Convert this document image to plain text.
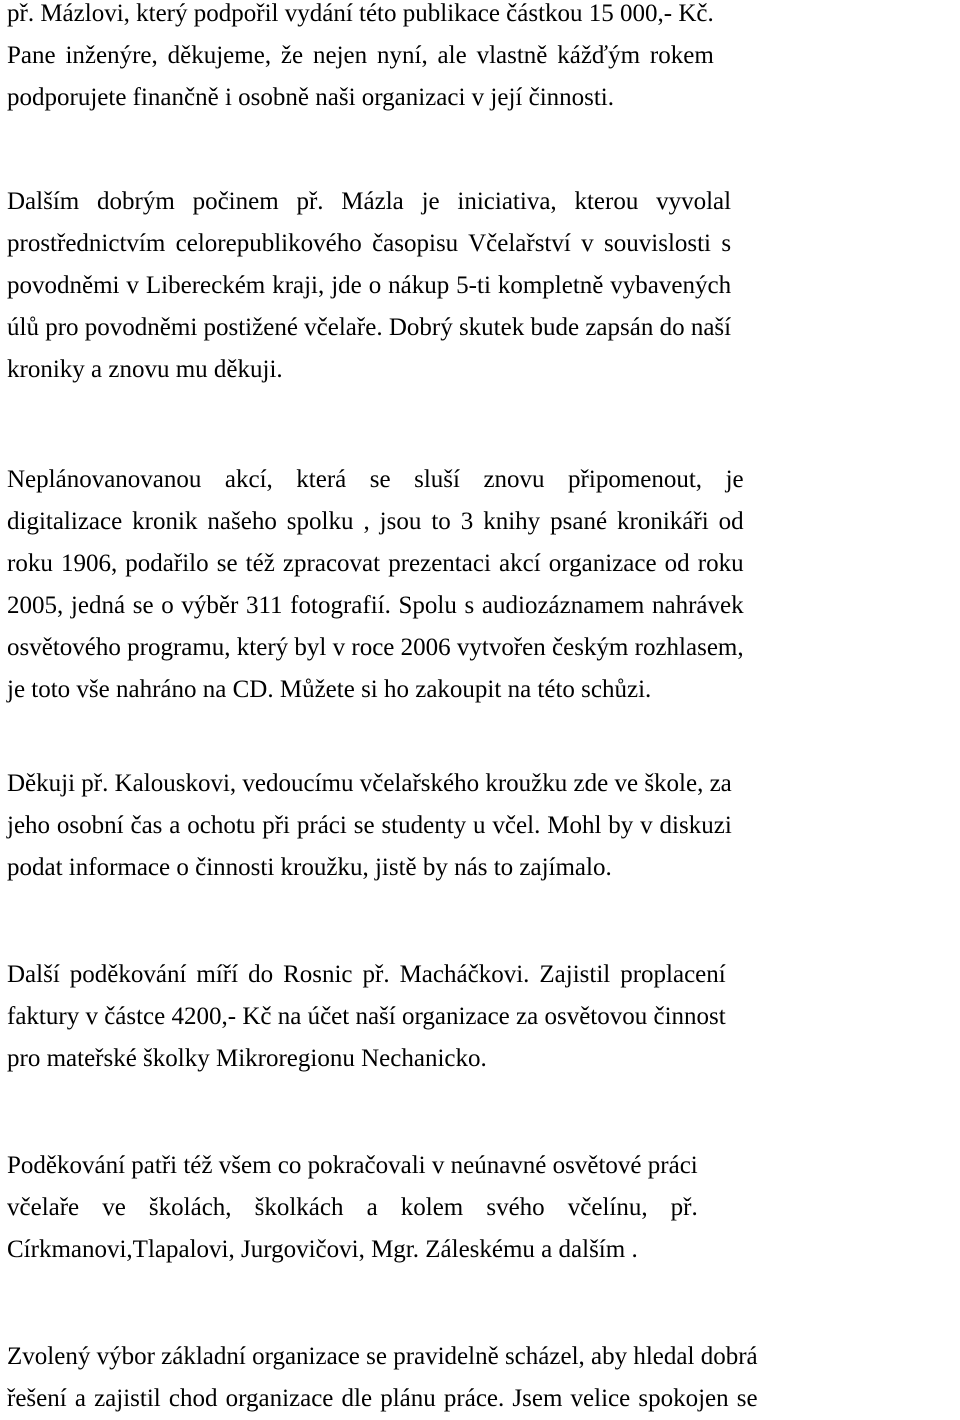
př. Mázlovi, který podpořil vydání této publikace částkou 15 000,- Kč.
Pane inženýre, děkujeme, že nejen nyní, ale vlastně kážďým rokem
podporujete finančně i osobně naši organizaci v její činnosti.

Dalším dobrým počinem př. Mázla je iniciativa, kterou vyvolal
prostřednictvím celorepublikového časopisu Včelařství v souvislosti s
povodněmi v Libereckém kraji, jde o nákup 5-ti kompletně vybavených
úlů pro povodněmi postižené včelaře. Dobrý skutek bude zapsán do naší
kroniky a znovu mu děkuji.

Neplánovanovanou akcí, která se sluší znovu připomenout, je
digitalizace kronik našeho spolku , jsou to 3 knihy psané kronikáři od
roku 1906, podařilo se též zpracovat prezentaci akcí organizace od roku
2005, jedná se o výběr 311 fotografií. Spolu s audiozáznamem nahrávek
osvětového programu, který byl v roce 2006 vytvořen českým rozhlasem,
je toto vše nahráno na CD. Můžete si ho zakoupit na této schůzi.

Děkuji př. Kalouskovi, vedoucímu včelařského kroužku zde ve škole, za
jeho osobní čas a ochotu při práci se studenty u včel. Mohl by v diskuzi
podat informace o činnosti kroužku, jistě by nás to zajímalo.

Další poděkování míří do Rosnic př. Macháčkovi. Zajistil proplacení
faktury v částce 4200,- Kč na účet naší organizace za osvětovou činnost
pro mateřské školky Mikroregionu Nechanicko.

Poděkování patři též všem co pokračovali v neúnavné osvětové práci
včelaře ve školách, školkách a kolem svého včelínu, př.
Církmanovi,Tlapalovi, Jurgovičovi, Mgr. Záleskému a dalším .

Zvolený výbor základní organizace se pravidelně scházel, aby hledal dobrá
řešení a zajistil chod organizace dle plánu práce. Jsem velice spokojen se
